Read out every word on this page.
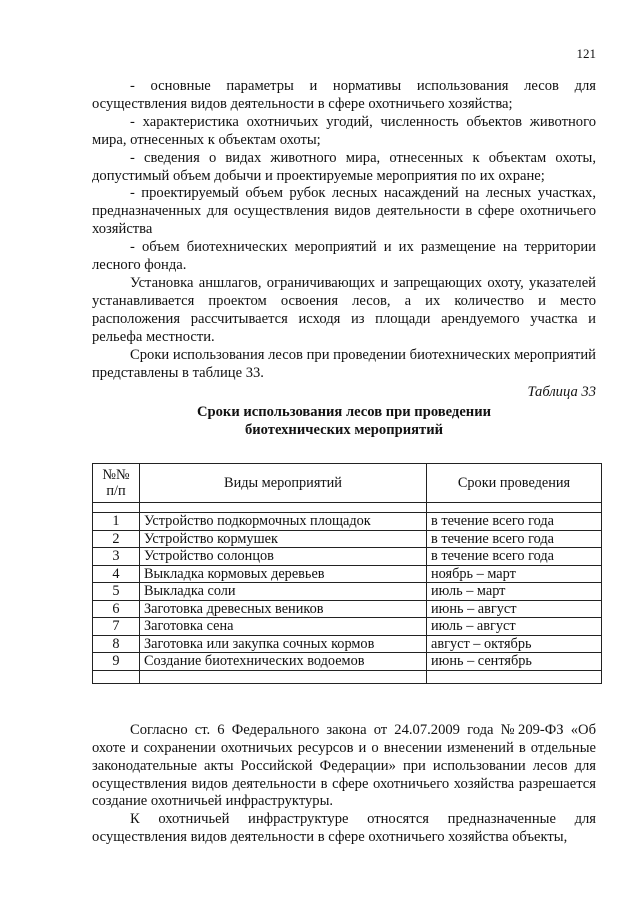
121

- основные параметры и нормативы использования лесов для осуществления видов деятельности в сфере охотничьего хозяйства;

- характеристика охотничьих угодий, численность объектов животного мира, отнесенных к объектам охоты;

- сведения о видах животного мира, отнесенных к объектам охоты, допустимый объем добычи и проектируемые мероприятия по их охране;

- проектируемый объем рубок лесных насаждений на лесных участках, предназначенных для осуществления видов деятельности в сфере охотничьего хозяйства

- объем биотехнических мероприятий и их размещение на территории лесного фонда.

Установка аншлагов, ограничивающих и запрещающих охоту, указателей устанавливается проектом освоения лесов, а их количество и место расположения рассчитывается исходя из площади арендуемого участка и рельефа местности.

Сроки использования лесов при проведении биотехнических мероприятий представлены в таблице 33.

Таблица 33

Сроки использования лесов при проведении
биотехнических мероприятий
№№
п/п	Виды мероприятий	Сроки проведения

1	Устройство подкормочных площадок	в течение всего года
2	Устройство кормушек	в течение всего года
3	Устройство солонцов	в течение всего года
4	Выкладка кормовых деревьев	ноябрь – март
5	Выкладка соли	июль – март
6	Заготовка древесных веников	июнь – август
7	Заготовка сена	июль – август
8	Заготовка или закупка сочных кормов	август – октябрь
9	Создание биотехнических водоемов	июнь – сентябрь

Согласно ст. 6 Федерального закона от 24.07.2009 года №209-ФЗ «Об охоте и сохранении охотничьих ресурсов и о внесении изменений в отдельные законодательные акты Российской Федерации» при использовании лесов для осуществления видов деятельности в сфере охотничьего хозяйства разрешается создание охотничьей инфраструктуры.

К охотничьей инфраструктуре относятся предназначенные для осуществления видов деятельности в сфере охотничьего хозяйства объекты,
